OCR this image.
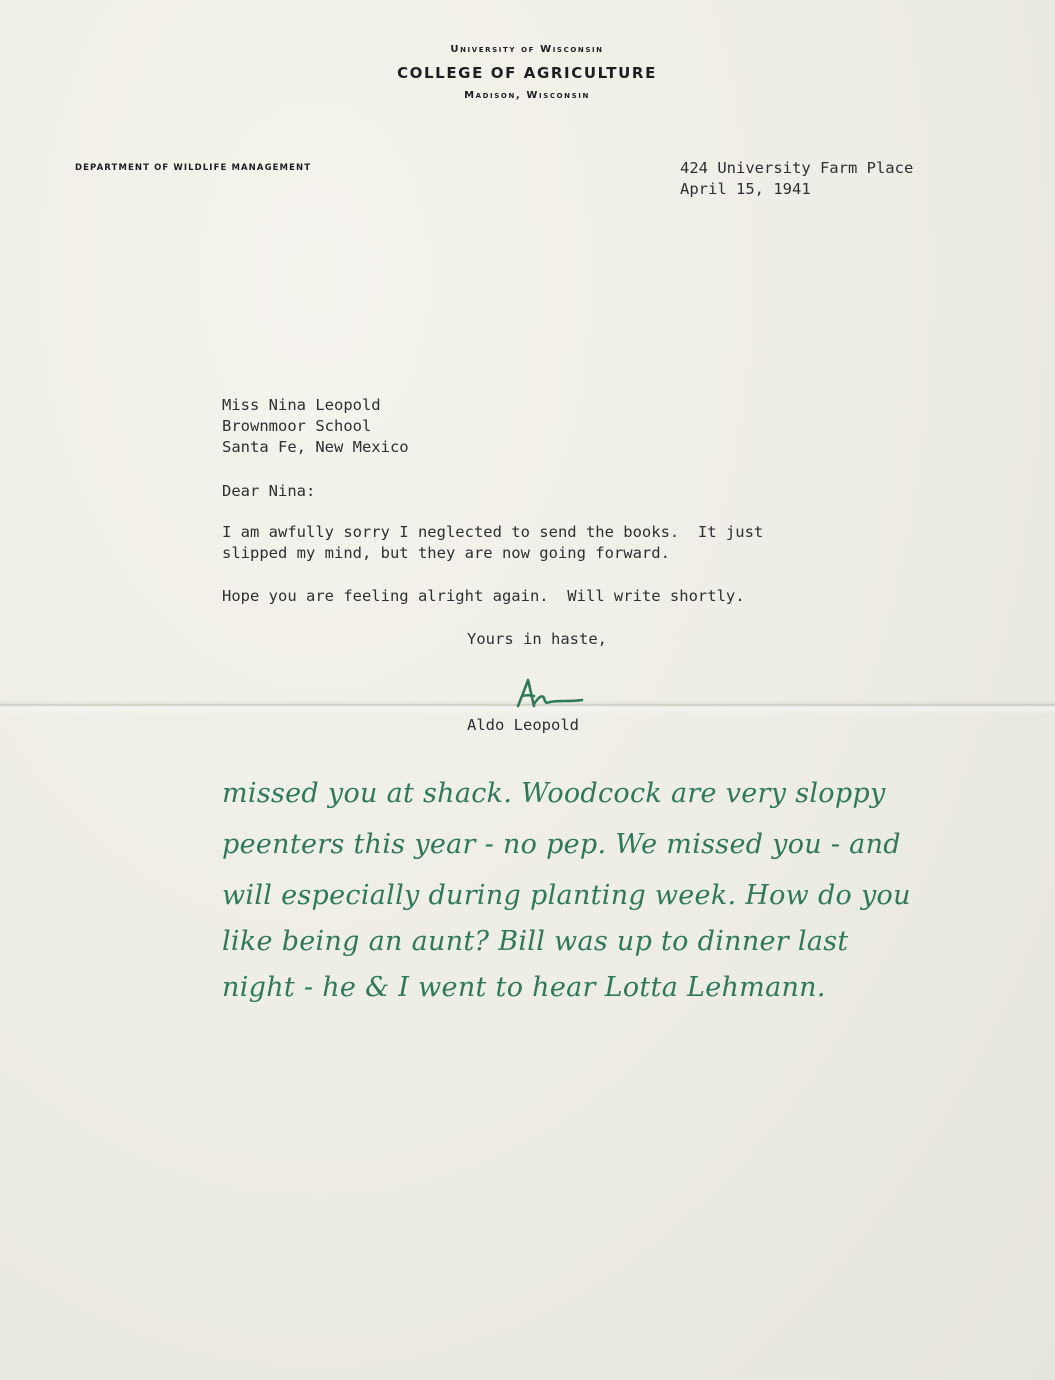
University of Wisconsin
COLLEGE OF AGRICULTURE
Madison, Wisconsin
DEPARTMENT OF WILDLIFE MANAGEMENT	424 University Farm Place
April 15, 1941
Miss Nina Leopold
Brownmoor School
Santa Fe, New Mexico
Dear Nina:
I am awfully sorry I neglected to send the books.  It just
slipped my mind, but they are now going forward.
Hope you are feeling alright again.  Will write shortly.
Yours in haste,
Aldo Leopold
missed you at shack. Woodcock are very sloppy
peenters this year - no pep. We missed you - and
will especially during planting week. How do you
like being an aunt? Bill was up to dinner last
night - he & I went to hear Lotta Lehmann.
